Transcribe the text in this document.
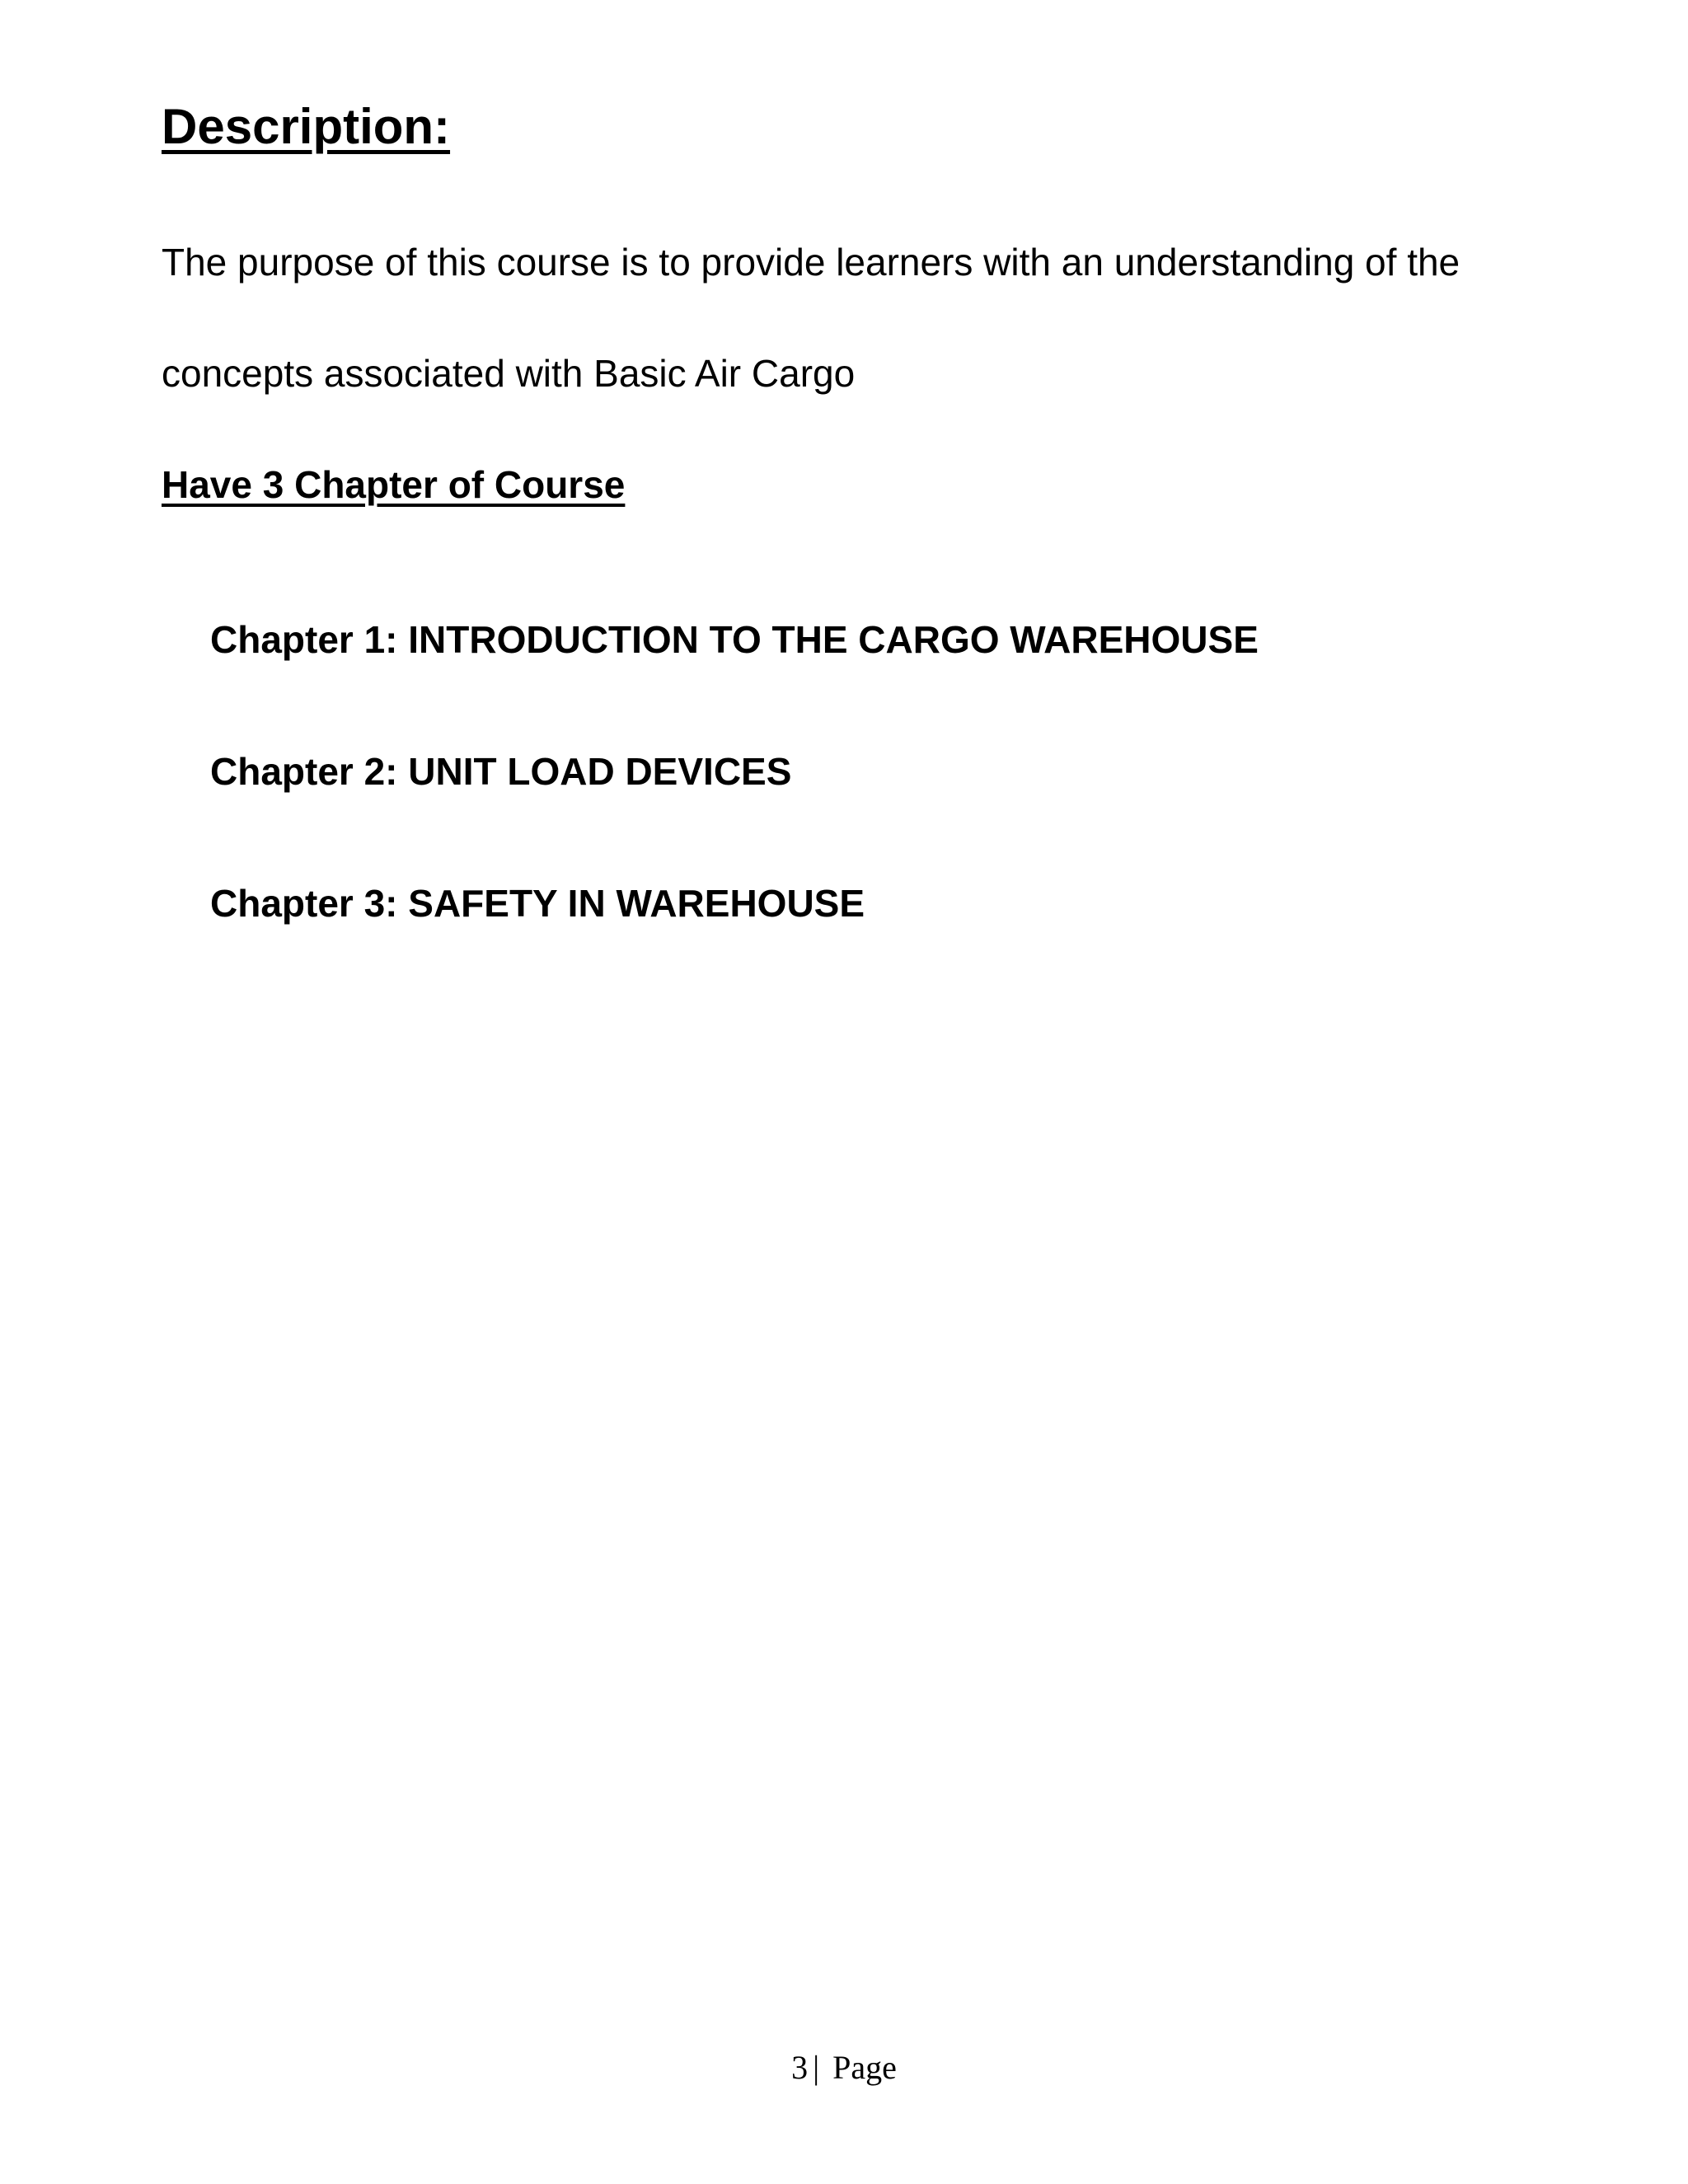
Description:

The purpose of this course is to provide learners with an understanding of the

concepts associated with Basic Air Cargo

Have 3 Chapter of Course
Chapter 1: INTRODUCTION TO THE CARGO WAREHOUSE
Chapter 2: UNIT LOAD DEVICES
Chapter 3: SAFETY IN WAREHOUSE
3 | Page
